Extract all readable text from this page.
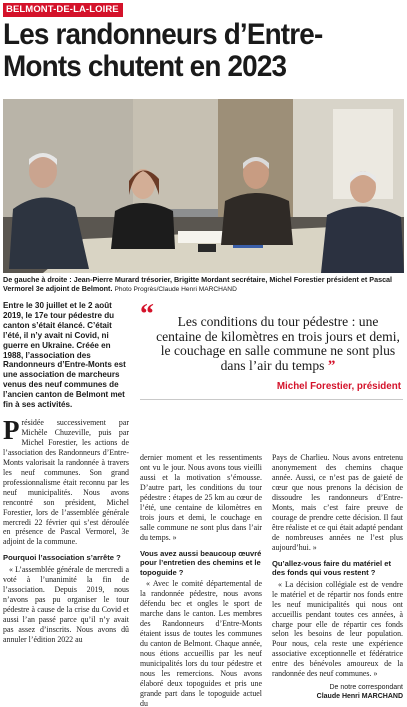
BELMONT-DE-LA-LOIRE
Les randonneurs d’Entre-
Monts chutent en 2023
De gauche à droite : Jean-Pierre Murard trésorier, Brigitte Mordant secrétaire, Michel Forestier président et Pascal Vermorel 3e adjoint de Belmont. Photo Progrès/Claude Henri MARCHAND

Entre le 30 juillet et le 2 août 2019, le 17e tour pédestre du canton s’était élancé. C’était l’été, il n’y avait ni Covid, ni guerre en Ukraine. Créée en 1988, l’association des Randonneurs d’Entre-Monts est une association de marcheurs venus des neuf communes de l’ancien canton de Belmont met fin à ses activités.

Présidée successivement par Michèle Chuzeville, puis par Michel Forestier, les actions de l’association des Randonneurs d’Entre-Monts valorisait la randonnée à travers les neuf communes. Son grand professionnalisme était reconnu par les neuf municipalités. Nous avons rencontré son président, Michel Forestier, lors de l’assemblée générale mercredi 22 février qui s’est déroulée en présence de Pascal Vermorel, 3e adjoint de la commune.

Pourquoi l’association s’arrête ?

« L’assemblée générale de mercredi a voté à l’unanimité la fin de l’association. Depuis 2019, nous n’avons pas pu organiser le tour pédestre à cause de la crise du Covid et aussi l’an passé parce qu’il n’y avait pas assez d’inscrits. Nous avons dû annuler l’édition 2022 au

“	Les conditions du tour pédestre : une centaine de kilomètres en trois jours et demi, le couchage en salle commune ne sont plus dans l’air du temps ”
Michel Forestier, président

dernier moment et les ressentiments ont vu le jour. Nous avons tous vieilli aussi et la motivation s’émousse. D’autre part, les conditions du tour pédestre : étapes de 25 km au cœur de l’été, une centaine de kilomètres en trois jours et demi, le couchage en salle commune ne sont plus dans l’air du temps. »

Vous avez aussi beaucoup œuvré pour l’entretien des chemins et le topoguide ?

« Avec le comité départemental de la randonnée pédestre, nous avons défendu bec et ongles le sport de marche dans le canton. Les membres des Randonneurs d’Entre-Monts étaient issus de toutes les communes du canton de Belmont. Chaque année, nous étions accueillis par les neuf municipalités lors du tour pédestre et nous les remercions. Nous avons élaboré deux topoguides et pris une grande part dans le topoguide actuel du

Pays de Charlieu. Nous avons entretenu anonymement des chemins chaque année. Aussi, ce n’est pas de gaieté de cœur que nous prenons la décision de dissoudre les randonneurs d’Entre-Monts, mais c’est faire preuve de courage de prendre cette décision. Il faut être réaliste et ce qui était adapté pendant de nombreuses années ne l’est plus aujourd’hui. »

Qu’allez-vous faire du matériel et des fonds qui vous restent ?

« La décision collégiale est de vendre le matériel et de répartir nos fonds entre les neuf municipalités qui nous ont accueillis pendant toutes ces années, à charge pour elle de répartir ces fonds selon les besoins de leur population. Pour nous, cela reste une expérience associative exceptionnelle et fédératrice entre des bénévoles amoureux de la randonnée des neuf communes. »

De notre correspondant
Claude Henri MARCHAND
